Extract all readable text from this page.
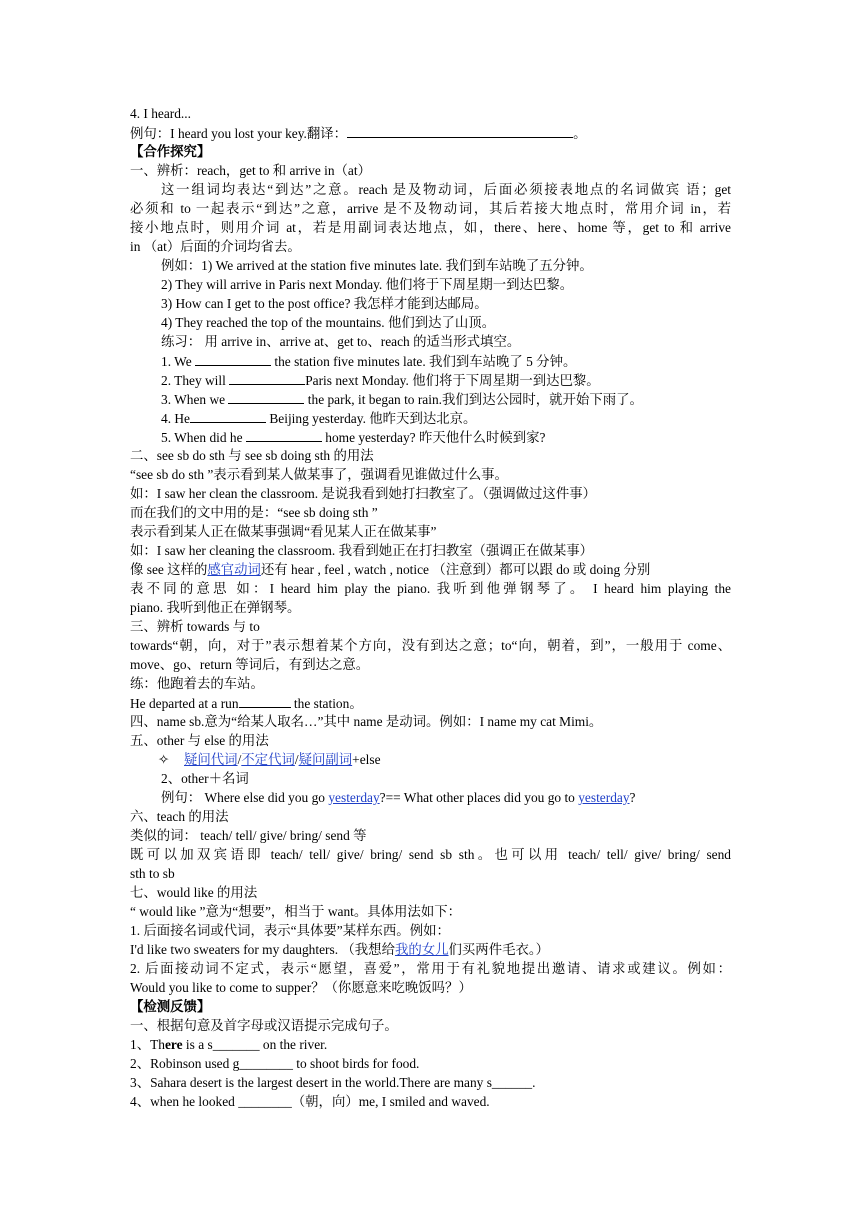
4. I heard...
例句：I heard you lost your key.翻译：	。
【合作探究】
一、辨析：reach，get to 和 arrive in（at）
这一组词均表达“到达”之意。reach 是及物动词，后面必须接表地点的名词做宾 语；get
必须和 to 一起表示“到达”之意，arrive 是不及物动词，其后若接大地点时，常用介词 in，若
接小地点时，则用介词 at，若是用副词表达地点，如，there、here、home 等，get to 和 arrive
in （at）后面的介词均省去。
例如：1) We arrived at the station five minutes late. 我们到车站晚了五分钟。
2) They will arrive in Paris next Monday. 他们将于下周星期一到达巴黎。
3) How can I get to the post office? 我怎样才能到达邮局。
4) They reached the top of the mountains. 他们到达了山顶。
练习： 用 arrive in、arrive at、get to、reach 的适当形式填空。
1. We	the station five minutes late. 我们到车站晚了 5 分钟。
2. They will	Paris next Monday. 他们将于下周星期一到达巴黎。
3. When we	the park, it began to rain.我们到达公园时，就开始下雨了。
4. He	Beijing yesterday. 他昨天到达北京。
5. When did he	home yesterday? 昨天他什么时候到家?
二、see sb do sth 与 see sb doing sth 的用法
“see sb do sth ”表示看到某人做某事了，强调看见谁做过什么事。
如：I saw her clean the classroom. 是说我看到她打扫教室了。（强调做过这件事）
而在我们的文中用的是：“see sb doing sth ”
表示看到某人正在做某事强调“看见某人正在做某事”
如：I saw her cleaning the classroom. 我看到她正在打扫教室（强调正在做某事）
像 see 这样的感官动词还有 hear , feel , watch , notice （注意到）都可以跟 do 或 doing 分别
表不同的意思 如：I heard him play the piano. 我听到他弹钢琴了。 I heard him playing the
piano. 我听到他正在弹钢琴。
三、辨析 towards 与 to
towards“朝，向，对于”表示想着某个方向，没有到达之意；to“向，朝着，到”，一般用于 come、
move、go、return 等词后，有到达之意。
练：他跑着去的车站。
He departed at a run	the station。
四、name sb.意为“给某人取名…”其中 name 是动词。例如：I name my cat Mimi。
五、other 与 else 的用法
✧ 疑问代词/不定代词/疑问副词+else
2、other＋名词
例句： Where else did you go yesterday?== What other places did you go to yesterday?
六、teach 的用法
类似的词： teach/ tell/ give/ bring/ send 等
既可以加双宾语即 teach/ tell/ give/ bring/ send sb sth。也可以用 teach/ tell/ give/ bring/ send
sth to sb
七、would like 的用法
“ would like ”意为“想要”，相当于 want。具体用法如下：
1. 后面接名词或代词，表示“具体要”某样东西。例如：
I'd like two sweaters for my daughters. （我想给我的女儿们买两件毛衣。）
2. 后面接动词不定式，表示“愿望，喜爱”，常用于有礼貌地提出邀请、请求或建议。例如：
Would you like to come to supper？（你愿意来吃晚饭吗？）
【检测反馈】
一、根据句意及首字母或汉语提示完成句子。
1、There is a s_______ on the river.
2、Robinson used g________ to shoot birds for food.
3、Sahara desert is the largest desert in the world.There are many s______.
4、when he looked ________（朝，向）me, I smiled and waved.
